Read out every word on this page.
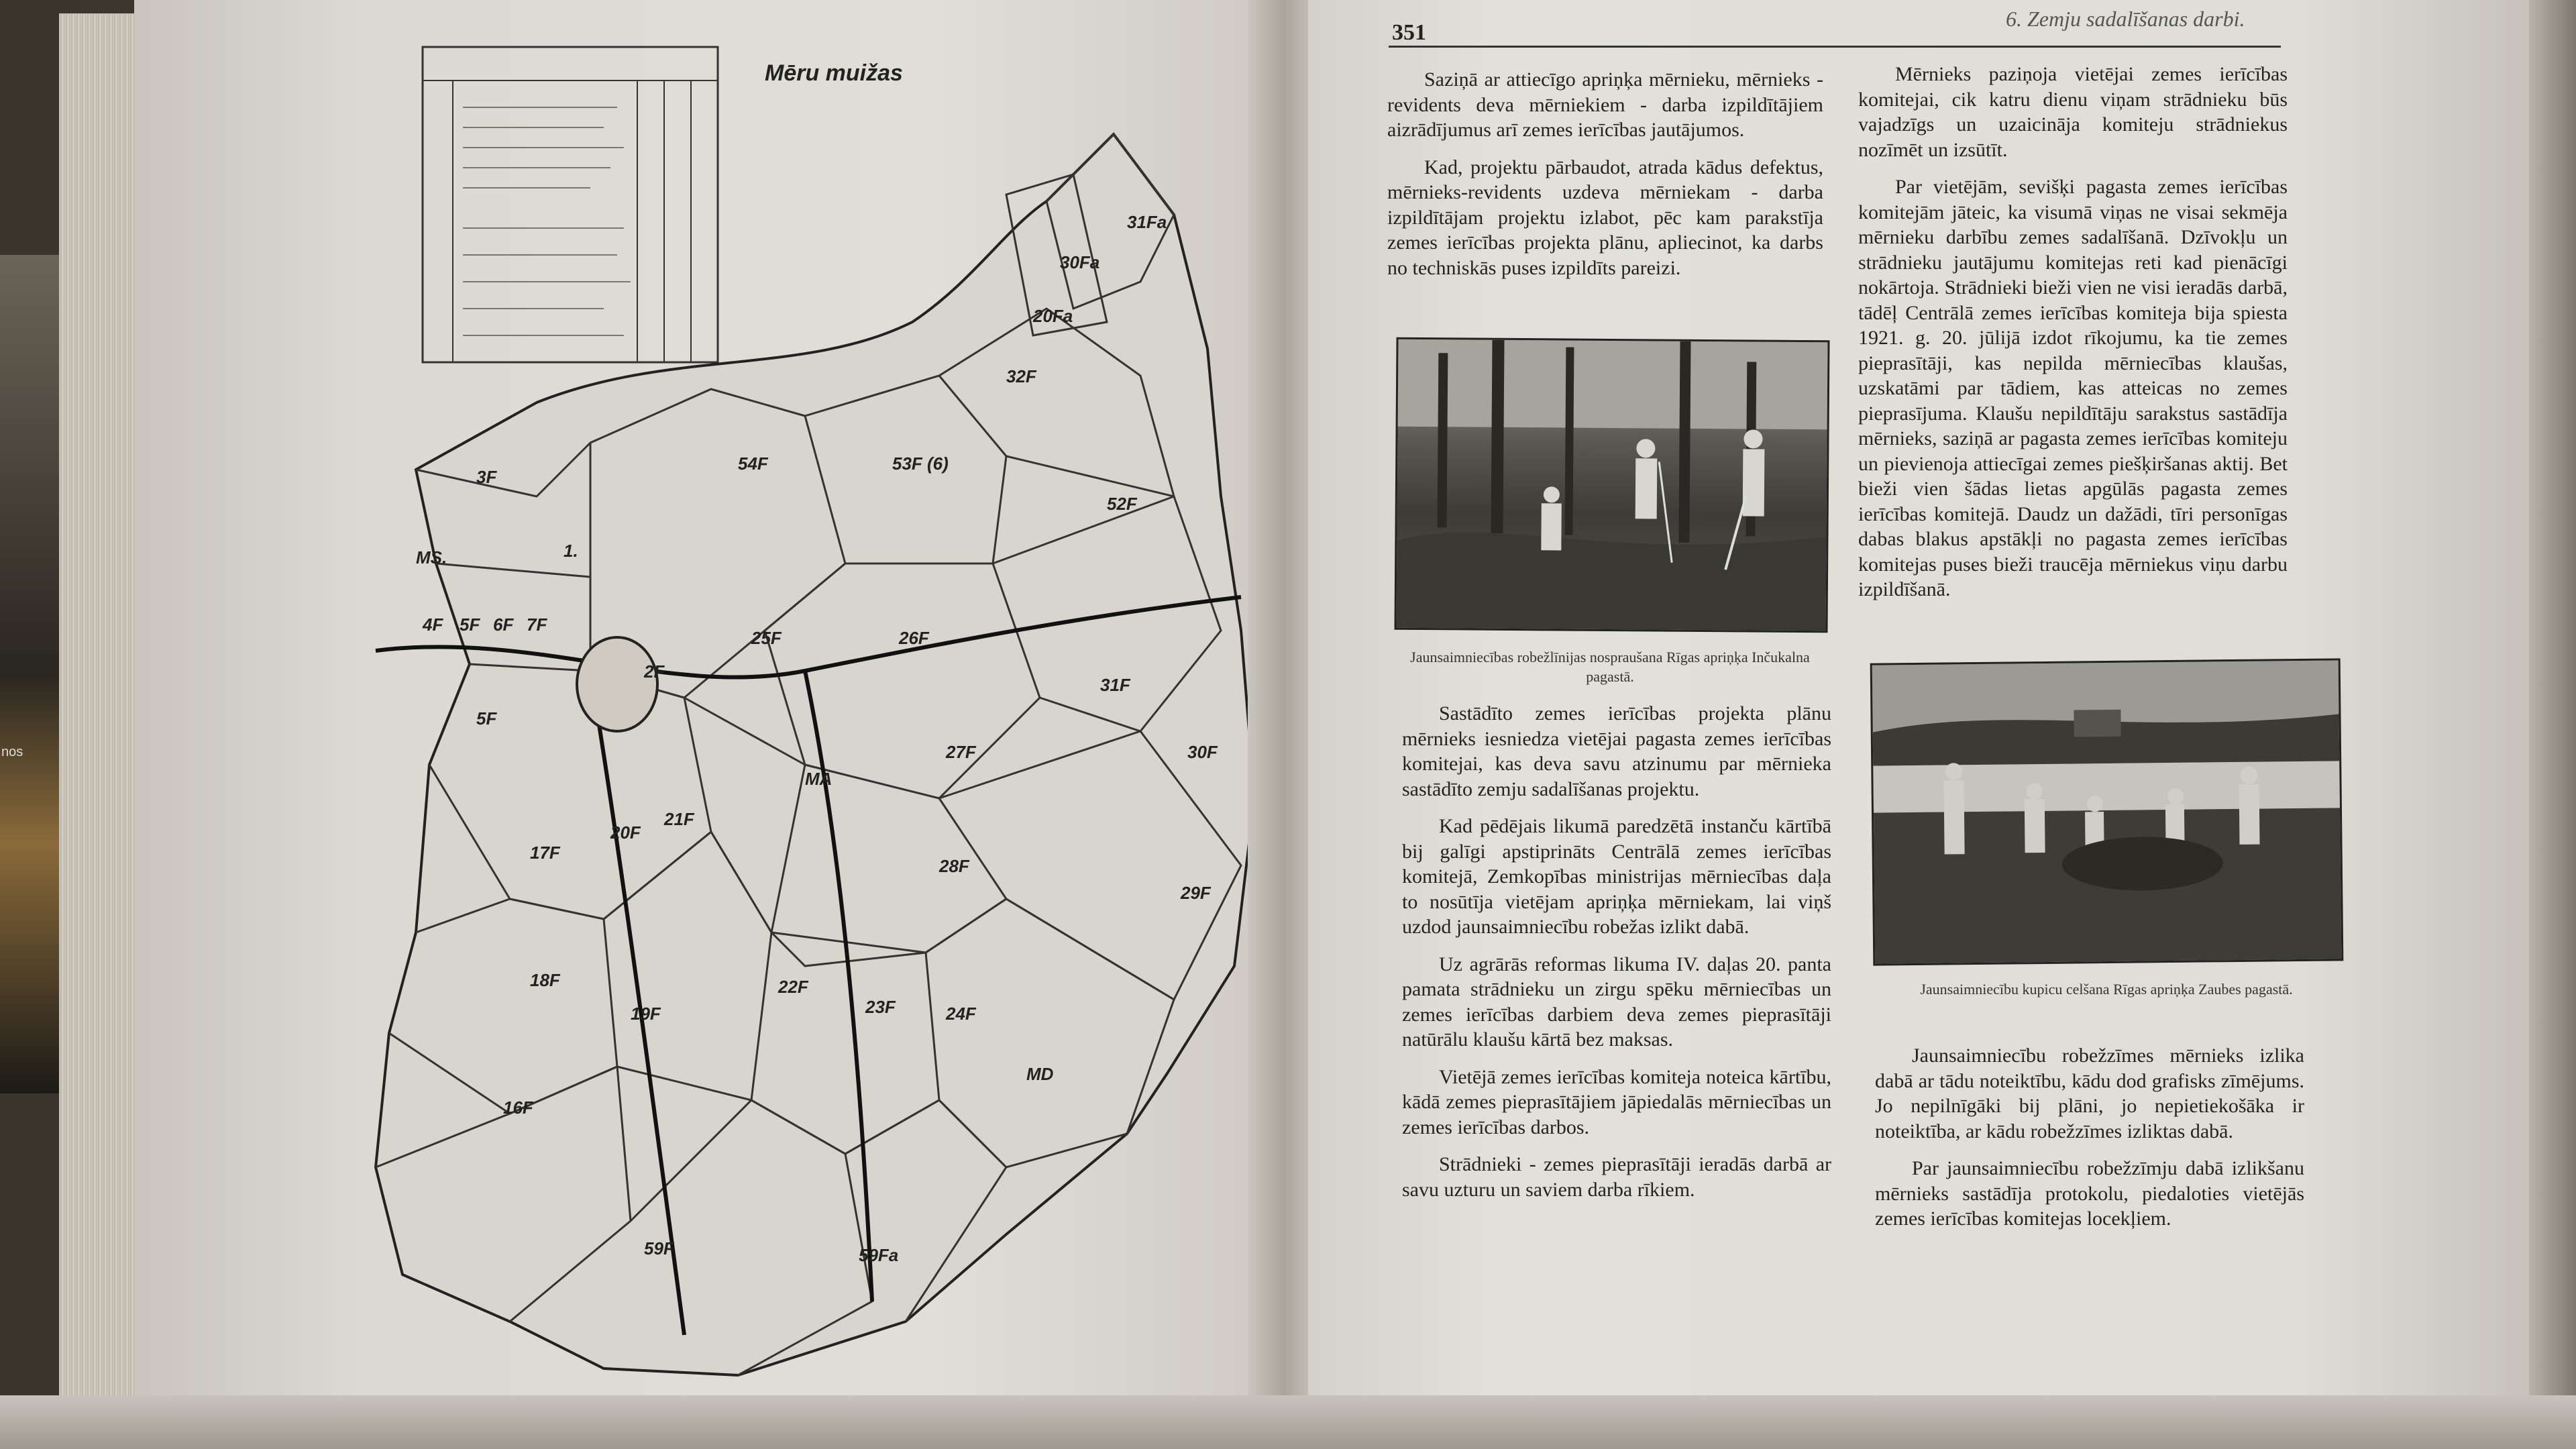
nos
Mēru muižas
31Fa
30Fa
20Fa
32F
54F	53F (6)
52F
3F
1.
MS.
4F 5F 6F 7F
25F	26F
2F
31F
5F
MA
27F	30F
21F
20F
17F
28F
29F
18F	22F
19F	23F	24F
MD
16F
59F	59Fa
351
6. Zemju sadalīšanas darbi.

Saziņā ar attiecīgo apriņķa mērnieku, mērnieks - revidents deva mērniekiem - darba izpildītājiem aizrādījumus arī zemes ierīcības jautājumos.

Kad, projektu pārbaudot, atrada kādus defektus, mērnieks-revidents uzdeva mērniekam - darba izpildītājam projektu izlabot, pēc kam parakstīja zemes ierīcības projekta plānu, apliecinot, ka darbs no techniskās puses izpildīts pareizi.

Jaunsaimniecības robežlīnijas nospraušana Rīgas apriņķa Inčukalna pagastā.

Sastādīto zemes ierīcības projekta plānu mērnieks iesniedza vietējai pagasta zemes ierīcības komitejai, kas deva savu atzinumu par mērnieka sastādīto zemju sadalīšanas projektu.

Kad pēdējais likumā paredzētā instanču kārtībā bij galīgi apstiprināts Centrālā zemes ierīcības komitejā, Zemkopības ministrijas mērniecības daļa to nosūtīja vietējam apriņķa mērniekam, lai viņš uzdod jaunsaimniecību robežas izlikt dabā.

Uz agrārās reformas likuma IV. daļas 20. panta pamata strādnieku un zirgu spēku mērniecības un zemes ierīcības darbiem deva zemes pieprasītāji natūrālu klaušu kārtā bez maksas.

Vietējā zemes ierīcības komiteja noteica kārtību, kādā zemes pieprasītājiem jāpiedalās mērniecības un zemes ierīcības darbos.

Strādnieki - zemes pieprasītāji ieradās darbā ar savu uzturu un saviem darba rīkiem.

Mērnieks paziņoja vietējai zemes ierīcības komitejai, cik katru dienu viņam strādnieku būs vajadzīgs un uzaicināja komiteju strādniekus nozīmēt un izsūtīt.

Par vietējām, sevišķi pagasta zemes ierīcības komitejām jāteic, ka visumā viņas ne visai sekmēja mērnieku darbību zemes sadalīšanā. Dzīvokļu un strādnieku jautājumu komitejas reti kad pienācīgi nokārtoja. Strādnieki bieži vien ne visi ieradās darbā, tādēļ Centrālā zemes ierīcības komiteja bija spiesta 1921. g. 20. jūlijā izdot rīkojumu, ka tie zemes pieprasītāji, kas nepilda mērniecības klaušas, uzskatāmi par tādiem, kas atteicas no zemes pieprasījuma. Klaušu nepildītāju sarakstus sastādīja mērnieks, saziņā ar pagasta zemes ierīcības komiteju un pievienoja attiecīgai zemes piešķiršanas aktij. Bet bieži vien šādas lietas apgūlās pagasta zemes ierīcības komitejā. Daudz un dažādi, tīri personīgas dabas blakus apstākļi no pagasta zemes ierīcības komitejas puses bieži traucēja mērniekus viņu darbu izpildīšanā.

Jaunsaimniecību kupicu celšana Rīgas apriņķa Zaubes pagastā.

Jaunsaimniecību robežzīmes mērnieks izlika dabā ar tādu noteiktību, kādu dod grafisks zīmējums. Jo nepilnīgāki bij plāni, jo nepietiekošāka ir noteiktība, ar kādu robežzīmes izliktas dabā.

Par jaunsaimniecību robežzīmju dabā izlikšanu mērnieks sastādīja protokolu, piedaloties vietējās zemes ierīcības komitejas locekļiem.
